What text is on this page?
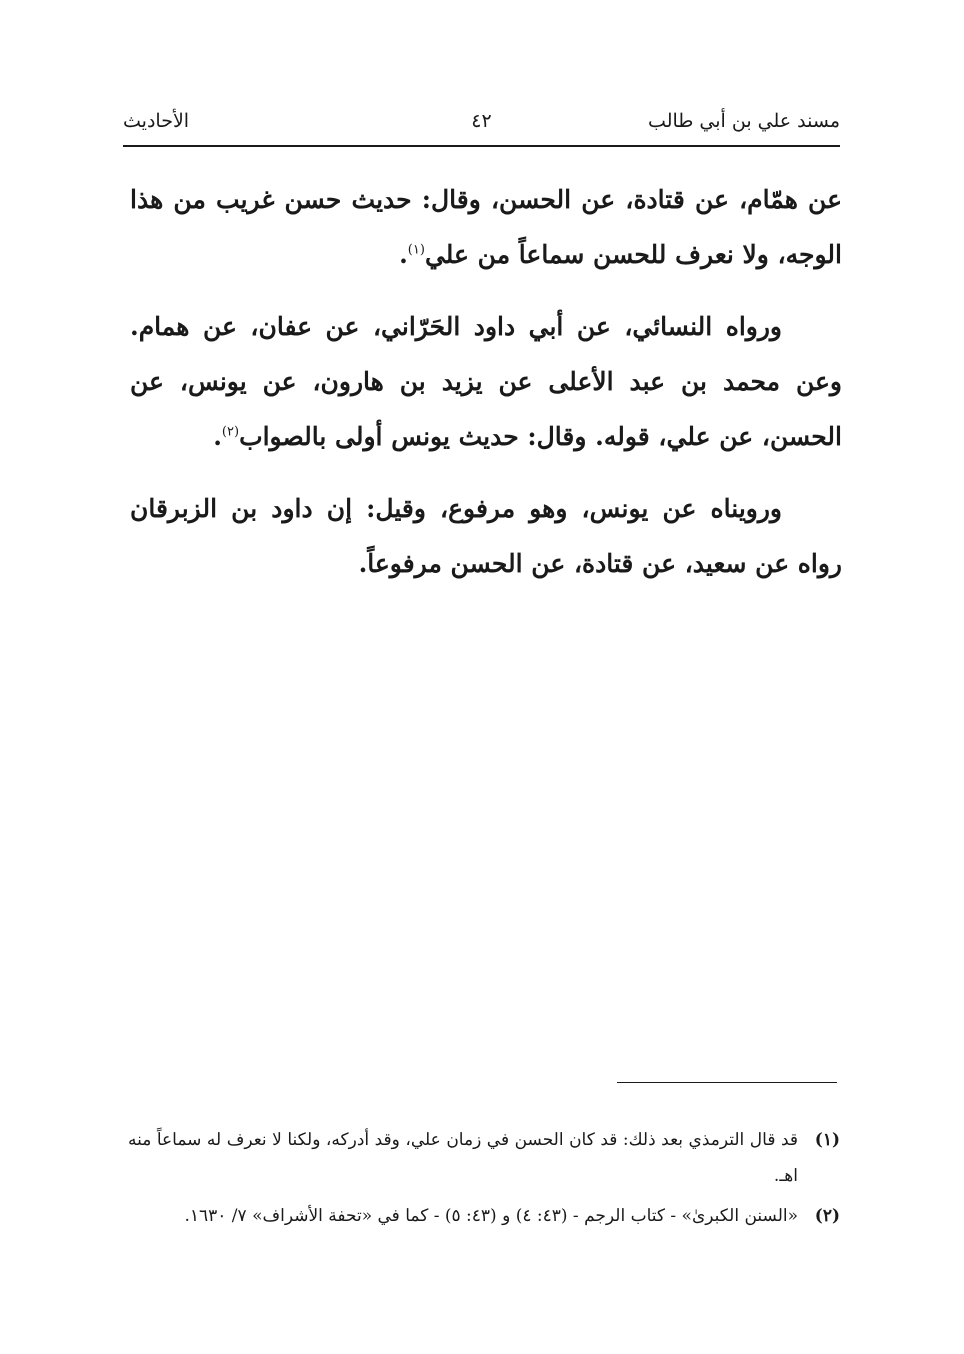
مسند علي بن أبي طالب
٤٢
الأحاديث

عن همّام، عن قتادة، عن الحسن، وقال: حديث حسن غريب من هذا الوجه، ولا نعرف للحسن سماعاً من علي$^{(١)}$.

ورواه النسائي، عن أبي داود الحَرّاني، عن عفان، عن همام. وعن محمد بن عبد الأعلى عن يزيد بن هارون، عن يونس، عن الحسن، عن علي، قوله. وقال: حديث يونس أولى بالصواب$^{(٢)}$.

ورويناه عن يونس، وهو مرفوع، وقيل: إن داود بن الزبرقان رواه عن سعيد، عن قتادة، عن الحسن مرفوعاً.

(١)
قد قال الترمذي بعد ذلك: قد كان الحسن في زمان علي، وقد أدركه، ولكنا لا نعرف له سماعاً منه اهـ.
(٢)
«السنن الكبرىٰ» - كتاب الرجم - (٤٣: ٤) و (٤٣: ٥) - كما في «تحفة الأشراف» ٧/ ١٦٣٠.
